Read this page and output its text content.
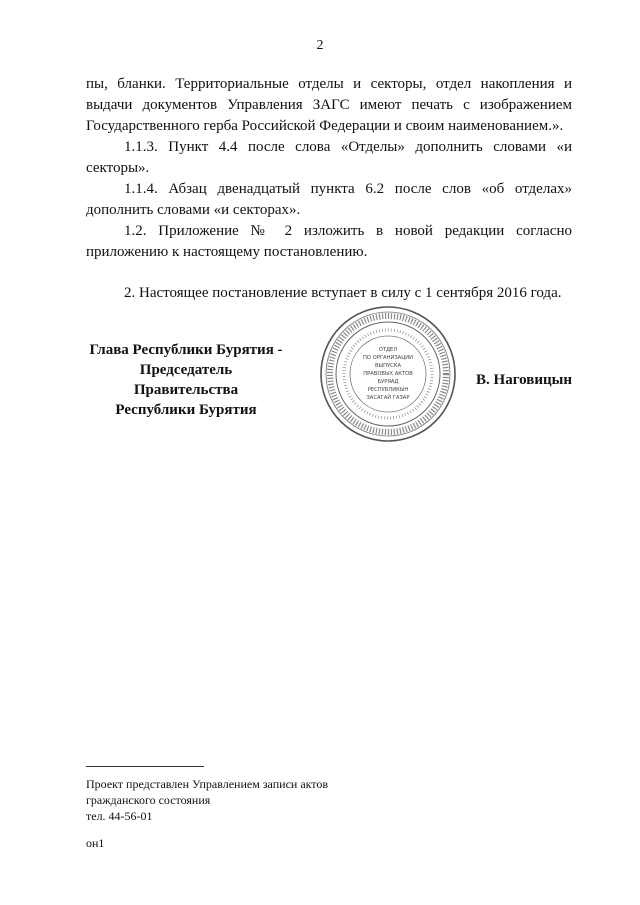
2

пы, бланки. Территориальные отделы и секторы, отдел накопления и выдачи документов Управления ЗАГС имеют печать с изображением Государственного герба Российской Федерации и своим наименованием.».

1.1.3. Пункт 4.4 после слова «Отделы» дополнить словами «и секторы».

1.1.4. Абзац двенадцатый пункта 6.2 после слов «об отделах» дополнить словами «и секторах».

1.2. Приложение № 2 изложить в новой редакции согласно приложению к настоящему постановлению.

2. Настоящее постановление вступает в силу с 1 сентября 2016 года.

Глава Республики Бурятия -
Председатель Правительства
Республики Бурятия
ОТДЕЛ
ПО ОРГАНИЗАЦИИ
ВЫПУСКА
ПРАВОВЫХ АКТОВ
БУРЯАД
РЕСПУБЛИКЫН
ЗАСАГАЙ ГАЗАР
В. Наговицын
Проект представлен Управлением записи актов
гражданского состояния
тел. 44-56-01
он1
